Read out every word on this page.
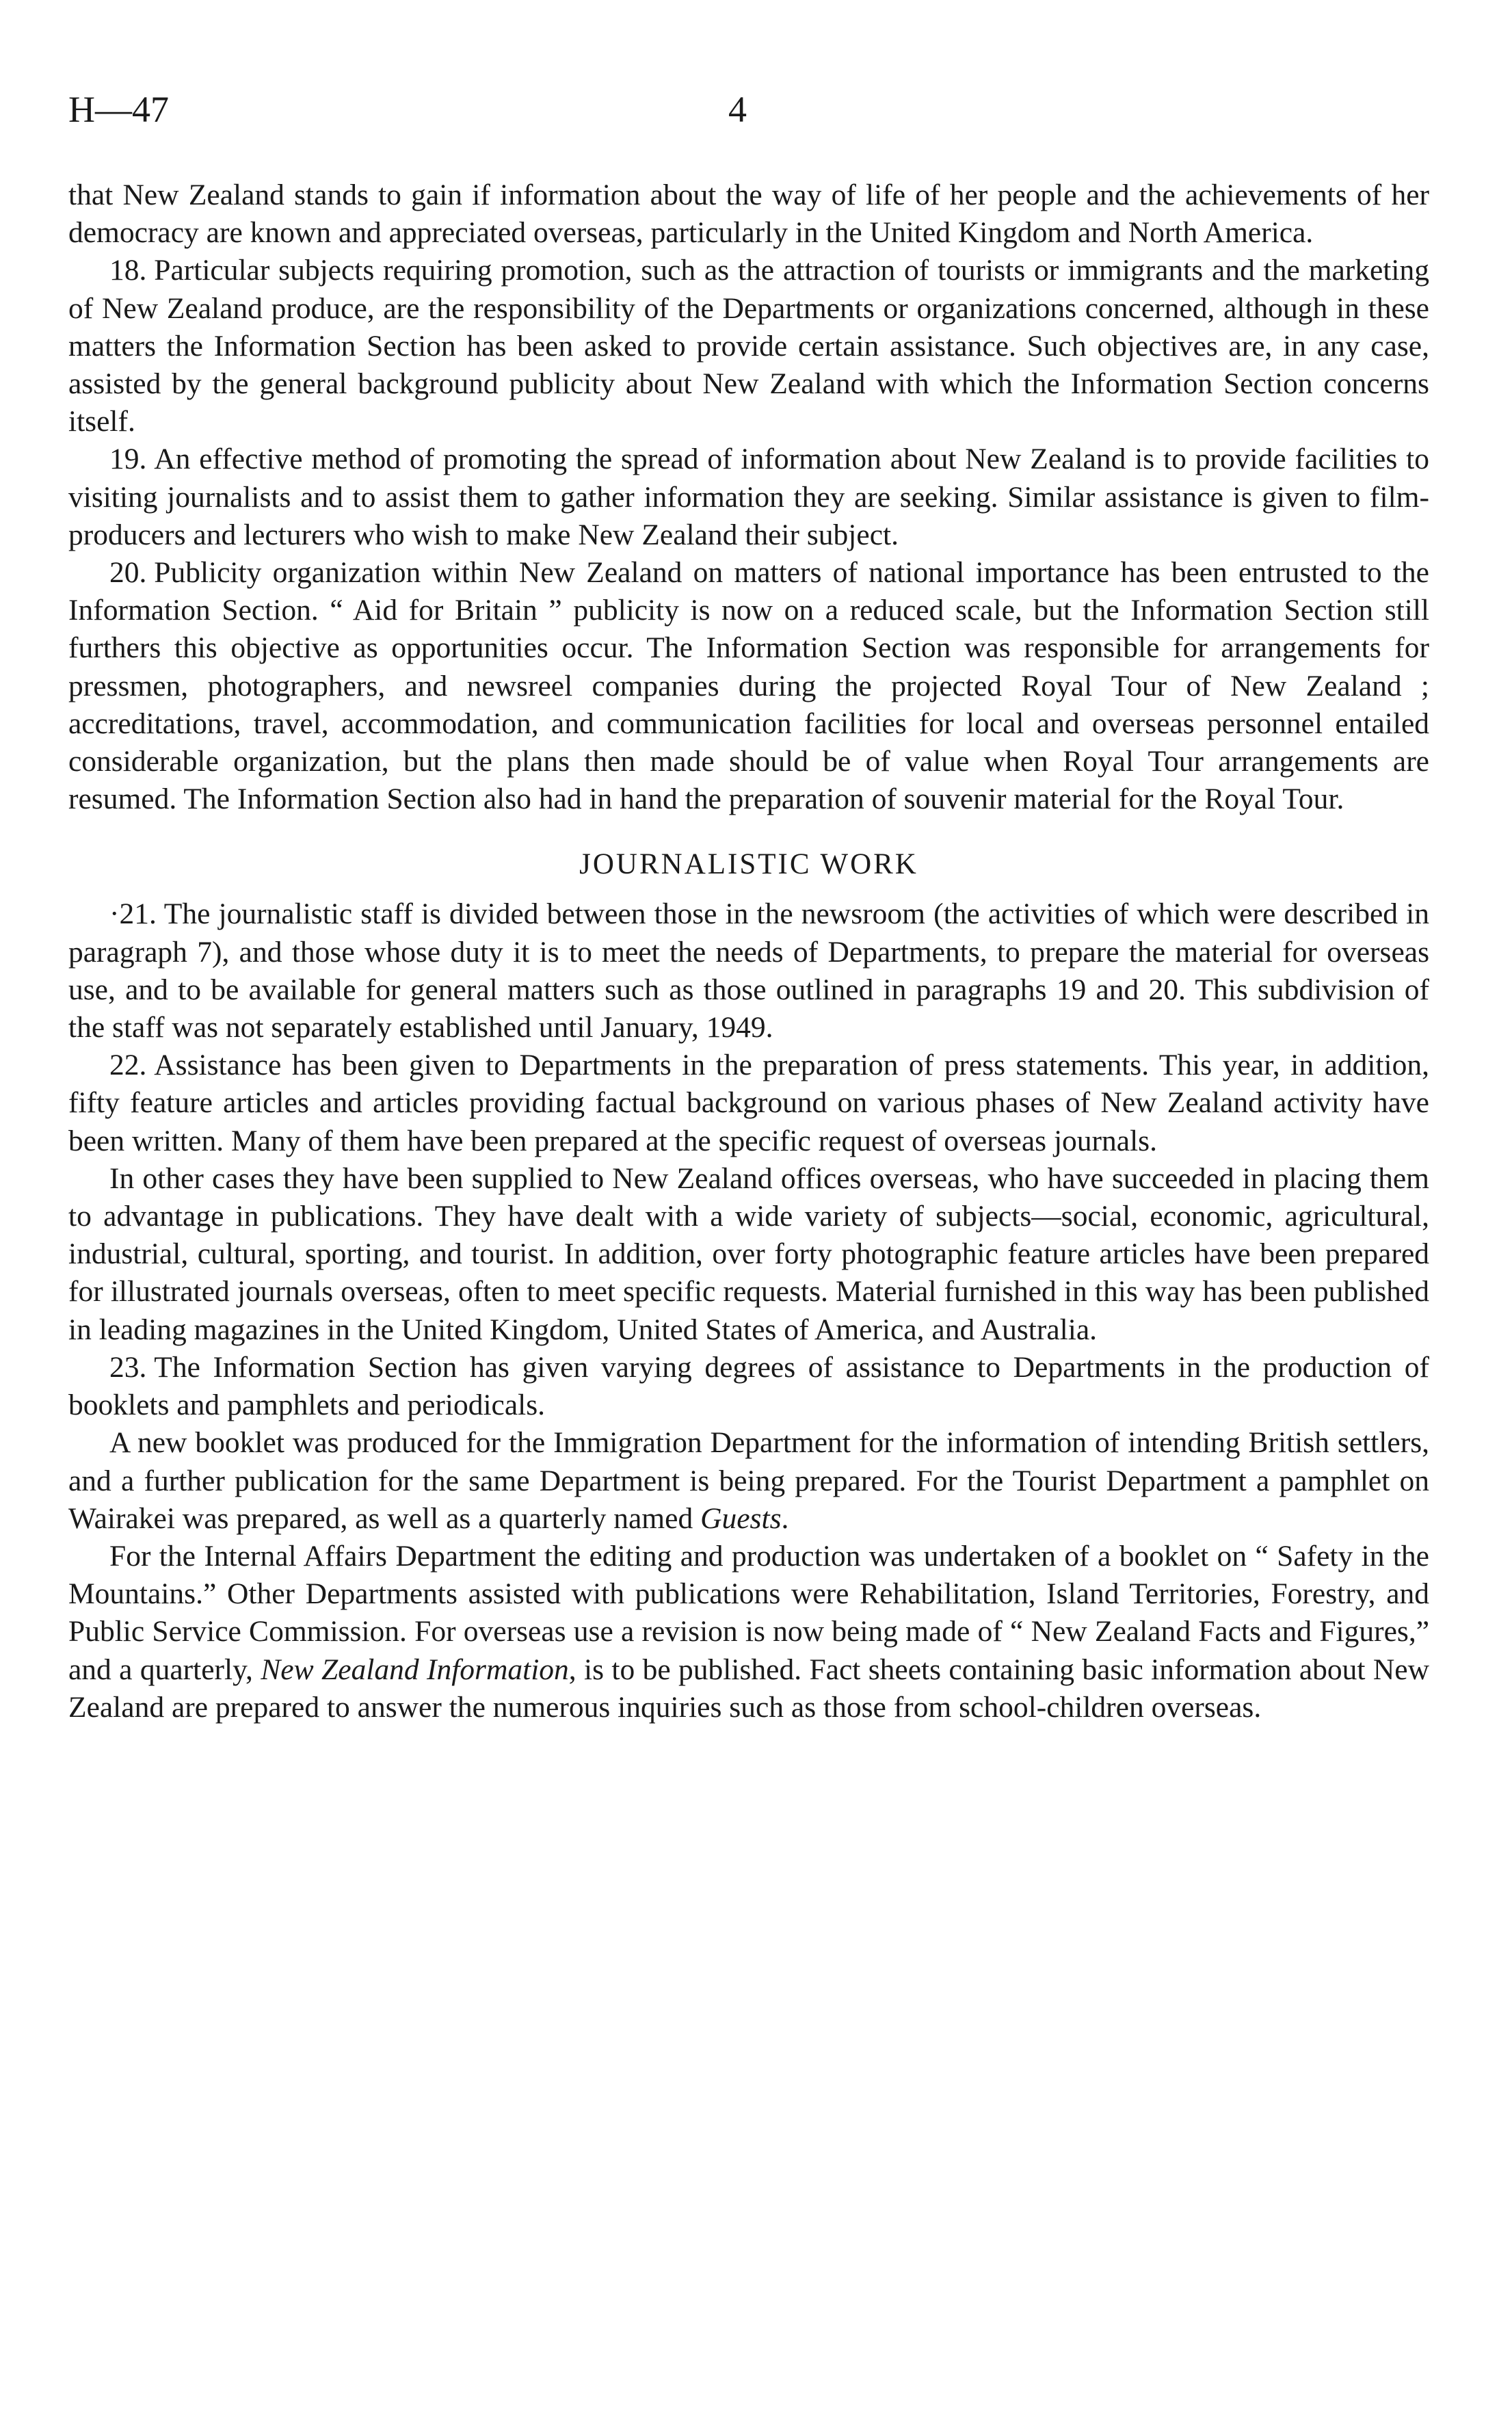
H—47	4

that New Zealand stands to gain if information about the way of life of her people and the achievements of her democracy are known and appreciated overseas, particularly in the United Kingdom and North America.

18. Particular subjects requiring promotion, such as the attraction of tourists or immigrants and the marketing of New Zealand produce, are the responsibility of the Departments or organizations concerned, although in these matters the Information Section has been asked to provide certain assistance. Such objectives are, in any case, assisted by the general background publicity about New Zealand with which the Information Section concerns itself.

19. An effective method of promoting the spread of information about New Zealand is to provide facilities to visiting journalists and to assist them to gather information they are seeking. Similar assistance is given to film-producers and lecturers who wish to make New Zealand their subject.

20. Publicity organization within New Zealand on matters of national importance has been entrusted to the Information Section. “ Aid for Britain ” publicity is now on a reduced scale, but the Information Section still furthers this objective as opportunities occur. The Information Section was responsible for arrangements for pressmen, photographers, and newsreel companies during the projected Royal Tour of New Zealand ; accreditations, travel, accommodation, and communication facilities for local and overseas personnel entailed considerable organization, but the plans then made should be of value when Royal Tour arrangements are resumed. The Information Section also had in hand the preparation of souvenir material for the Royal Tour.

JOURNALISTIC WORK

·21. The journalistic staff is divided between those in the newsroom (the activities of which were described in paragraph 7), and those whose duty it is to meet the needs of Departments, to prepare the material for overseas use, and to be available for general matters such as those outlined in paragraphs 19 and 20. This subdivision of the staff was not separately established until January, 1949.

22. Assistance has been given to Departments in the preparation of press statements. This year, in addition, fifty feature articles and articles providing factual background on various phases of New Zealand activity have been written. Many of them have been prepared at the specific request of overseas journals.

In other cases they have been supplied to New Zealand offices overseas, who have succeeded in placing them to advantage in publications. They have dealt with a wide variety of subjects—social, economic, agricultural, industrial, cultural, sporting, and tourist. In addition, over forty photographic feature articles have been prepared for illustrated journals overseas, often to meet specific requests. Material furnished in this way has been published in leading magazines in the United Kingdom, United States of America, and Australia.

23. The Information Section has given varying degrees of assistance to Departments in the production of booklets and pamphlets and periodicals.

A new booklet was produced for the Immigration Department for the information of intending British settlers, and a further publication for the same Department is being prepared. For the Tourist Department a pamphlet on Wairakei was prepared, as well as a quarterly named Guests.

For the Internal Affairs Department the editing and production was undertaken of a booklet on “ Safety in the Mountains.” Other Departments assisted with publications were Rehabilitation, Island Territories, Forestry, and Public Service Commission. For overseas use a revision is now being made of “ New Zealand Facts and Figures,” and a quarterly, New Zealand Information, is to be published. Fact sheets containing basic information about New Zealand are prepared to answer the numerous inquiries such as those from school-children overseas.
